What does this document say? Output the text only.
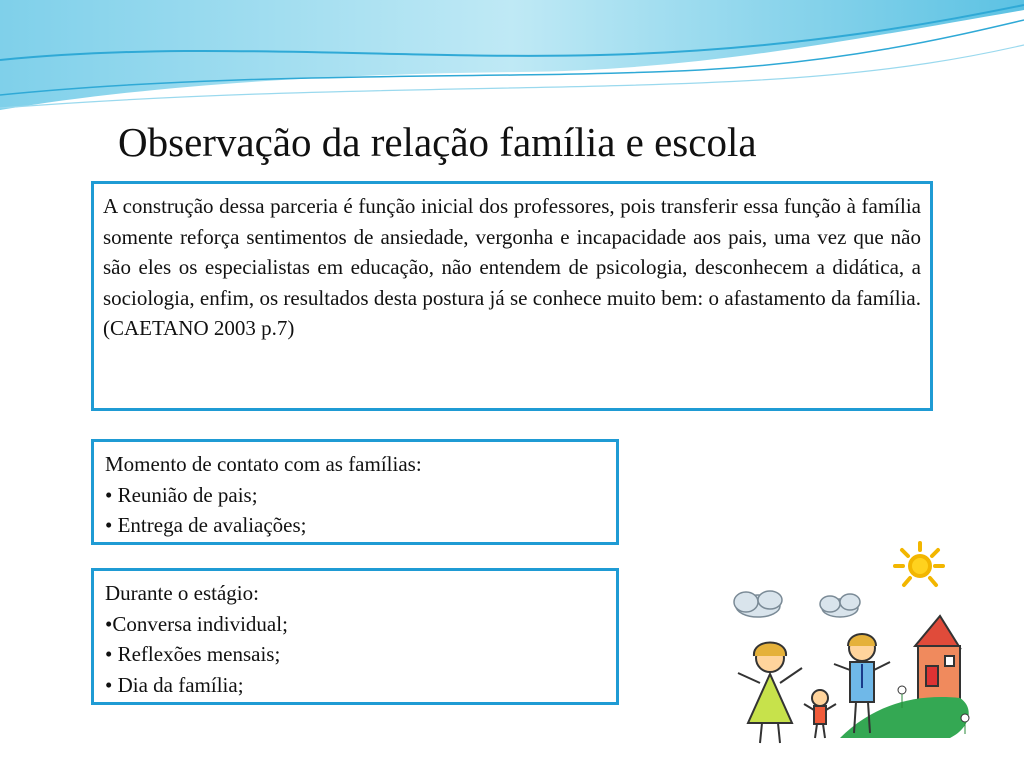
Observação da relação família e escola
A construção dessa parceria é função inicial dos professores, pois transferir essa função à família somente reforça sentimentos de ansiedade, vergonha e incapacidade aos pais, uma vez que não são eles os especialistas em educação, não entendem de psicologia, desconhecem a didática, a sociologia, enfim, os resultados desta postura já se conhece muito bem: o afastamento da família. (CAETANO 2003 p.7)
Momento de contato com as famílias:
• Reunião de pais;
• Entrega de avaliações;
Durante o estágio:
•Conversa individual;
• Reflexões mensais;
• Dia da família;
